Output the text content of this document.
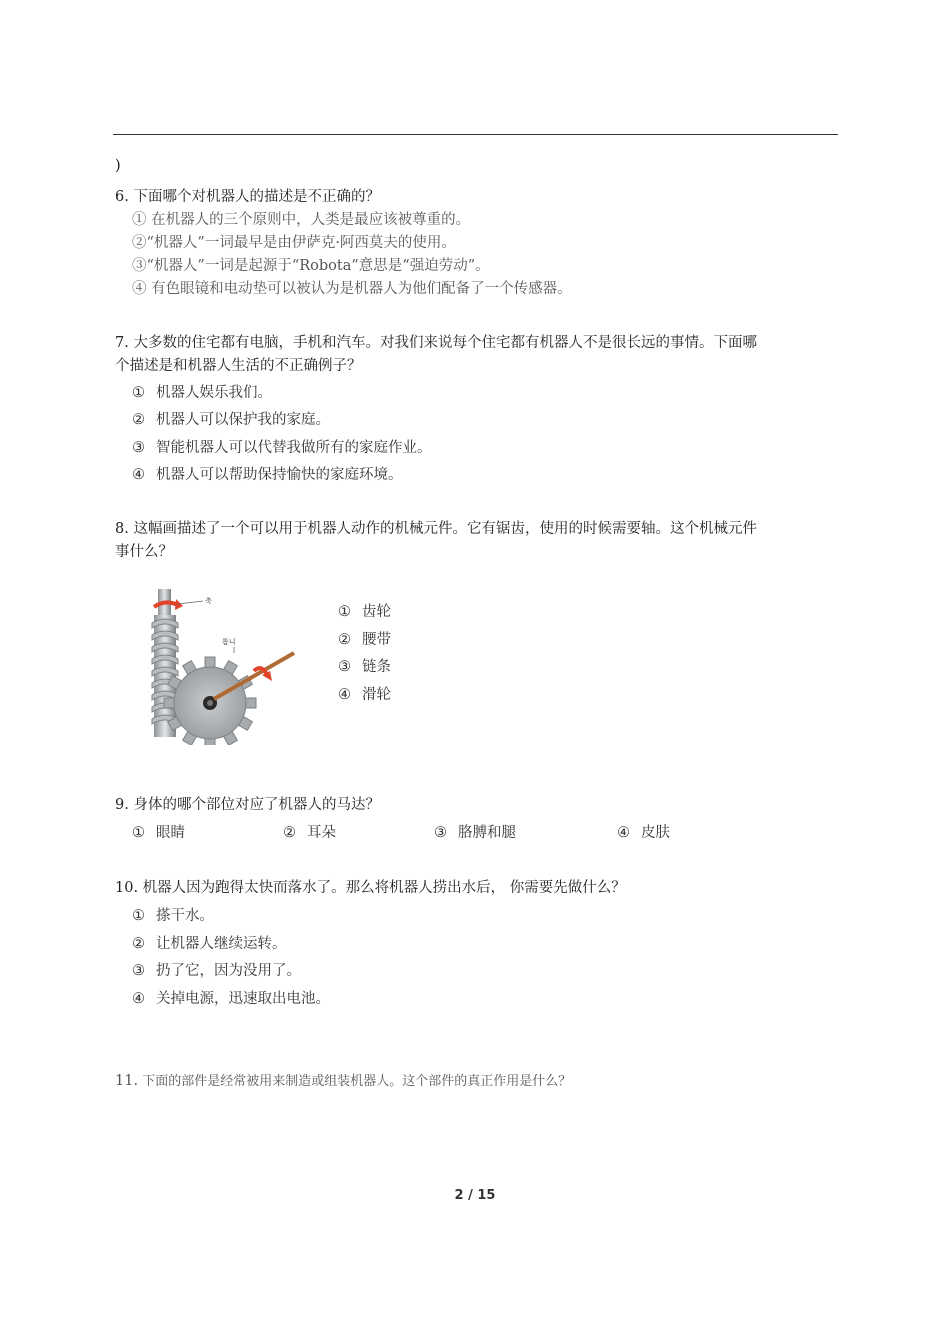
)
6. 下面哪个对机器人的描述是不正确的？
① 在机器人的三个原则中，人类是最应该被尊重的。
②“机器人”一词最早是由伊萨克·阿西莫夫的使用。
③“机器人”一词是起源于“Robota”意思是“强迫劳动”。
④ 有色眼镜和电动垫可以被认为是机器人为他们配备了一个传感器。
7. 大多数的住宅都有电脑，手机和汽车。对我们来说每个住宅都有机器人不是很长远的事情。下面哪
个描述是和机器人生活的不正确例子？
① 机器人娱乐我们。
② 机器人可以保护我的家庭。
③ 智能机器人可以代替我做所有的家庭作业。
④ 机器人可以帮助保持愉快的家庭环境。
8. 这幅画描述了一个可以用于机器人动作的机械元件。它有锯齿，使用的时候需要轴。这个机械元件
事什么？
축
톱니
① 齿轮
② 腰带
③ 链条
④ 滑轮
9. 身体的哪个部位对应了机器人的马达？
① 眼睛	② 耳朵	③ 胳膊和腿	④ 皮肤
10. 机器人因为跑得太快而落水了。那么将机器人捞出水后， 你需要先做什么？
① 搽干水。
② 让机器人继续运转。
③ 扔了它，因为没用了。
④ 关掉电源，迅速取出电池。
11. 下面的部件是经常被用来制造或组装机器人。这个部件的真正作用是什么？
2 / 15
